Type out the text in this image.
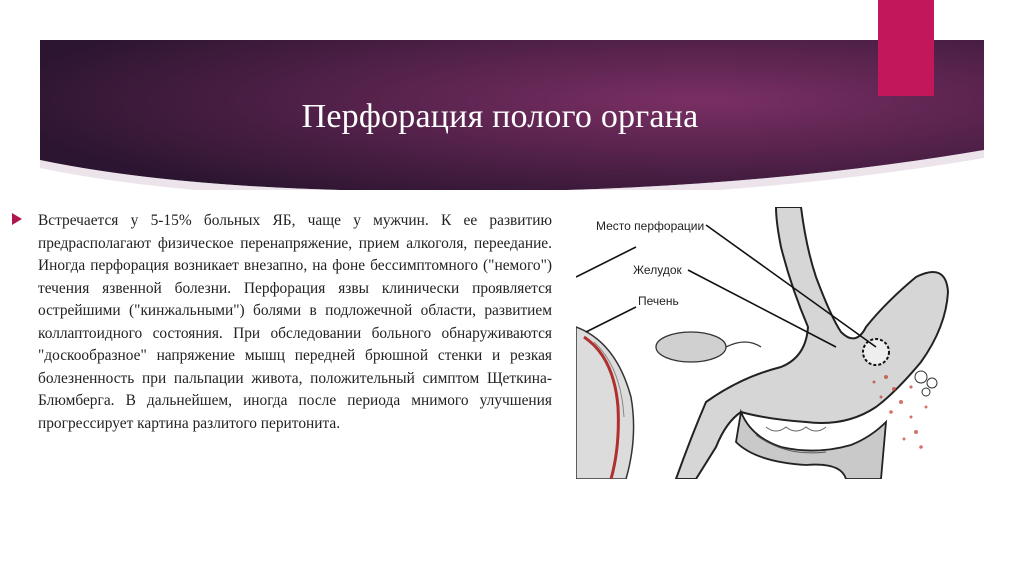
Перфорация полого органа

Встречается у 5-15% больных ЯБ, чаще у мужчин. К ее развитию предрасполагают физическое перенапряжение, прием алкоголя, переедание. Иногда перфорация возникает внезапно, на фоне бессимптомного ("немого") течения язвенной болезни. Перфорация язвы клинически проявляется острейшими ("кинжальными") болями в подложечной области, развитием коллаптоидного состояния. При обследовании больного обнаруживаются "доскообразное" напряжение мышц передней брюшной стенки и резкая болезненность при пальпации живота, положительный симптом Щеткина-Блюмберга. В дальнейшем, иногда после периода мнимого улучшения прогрессирует картина разлитого перитонита.

Место перфорации
Желудок
Печень
